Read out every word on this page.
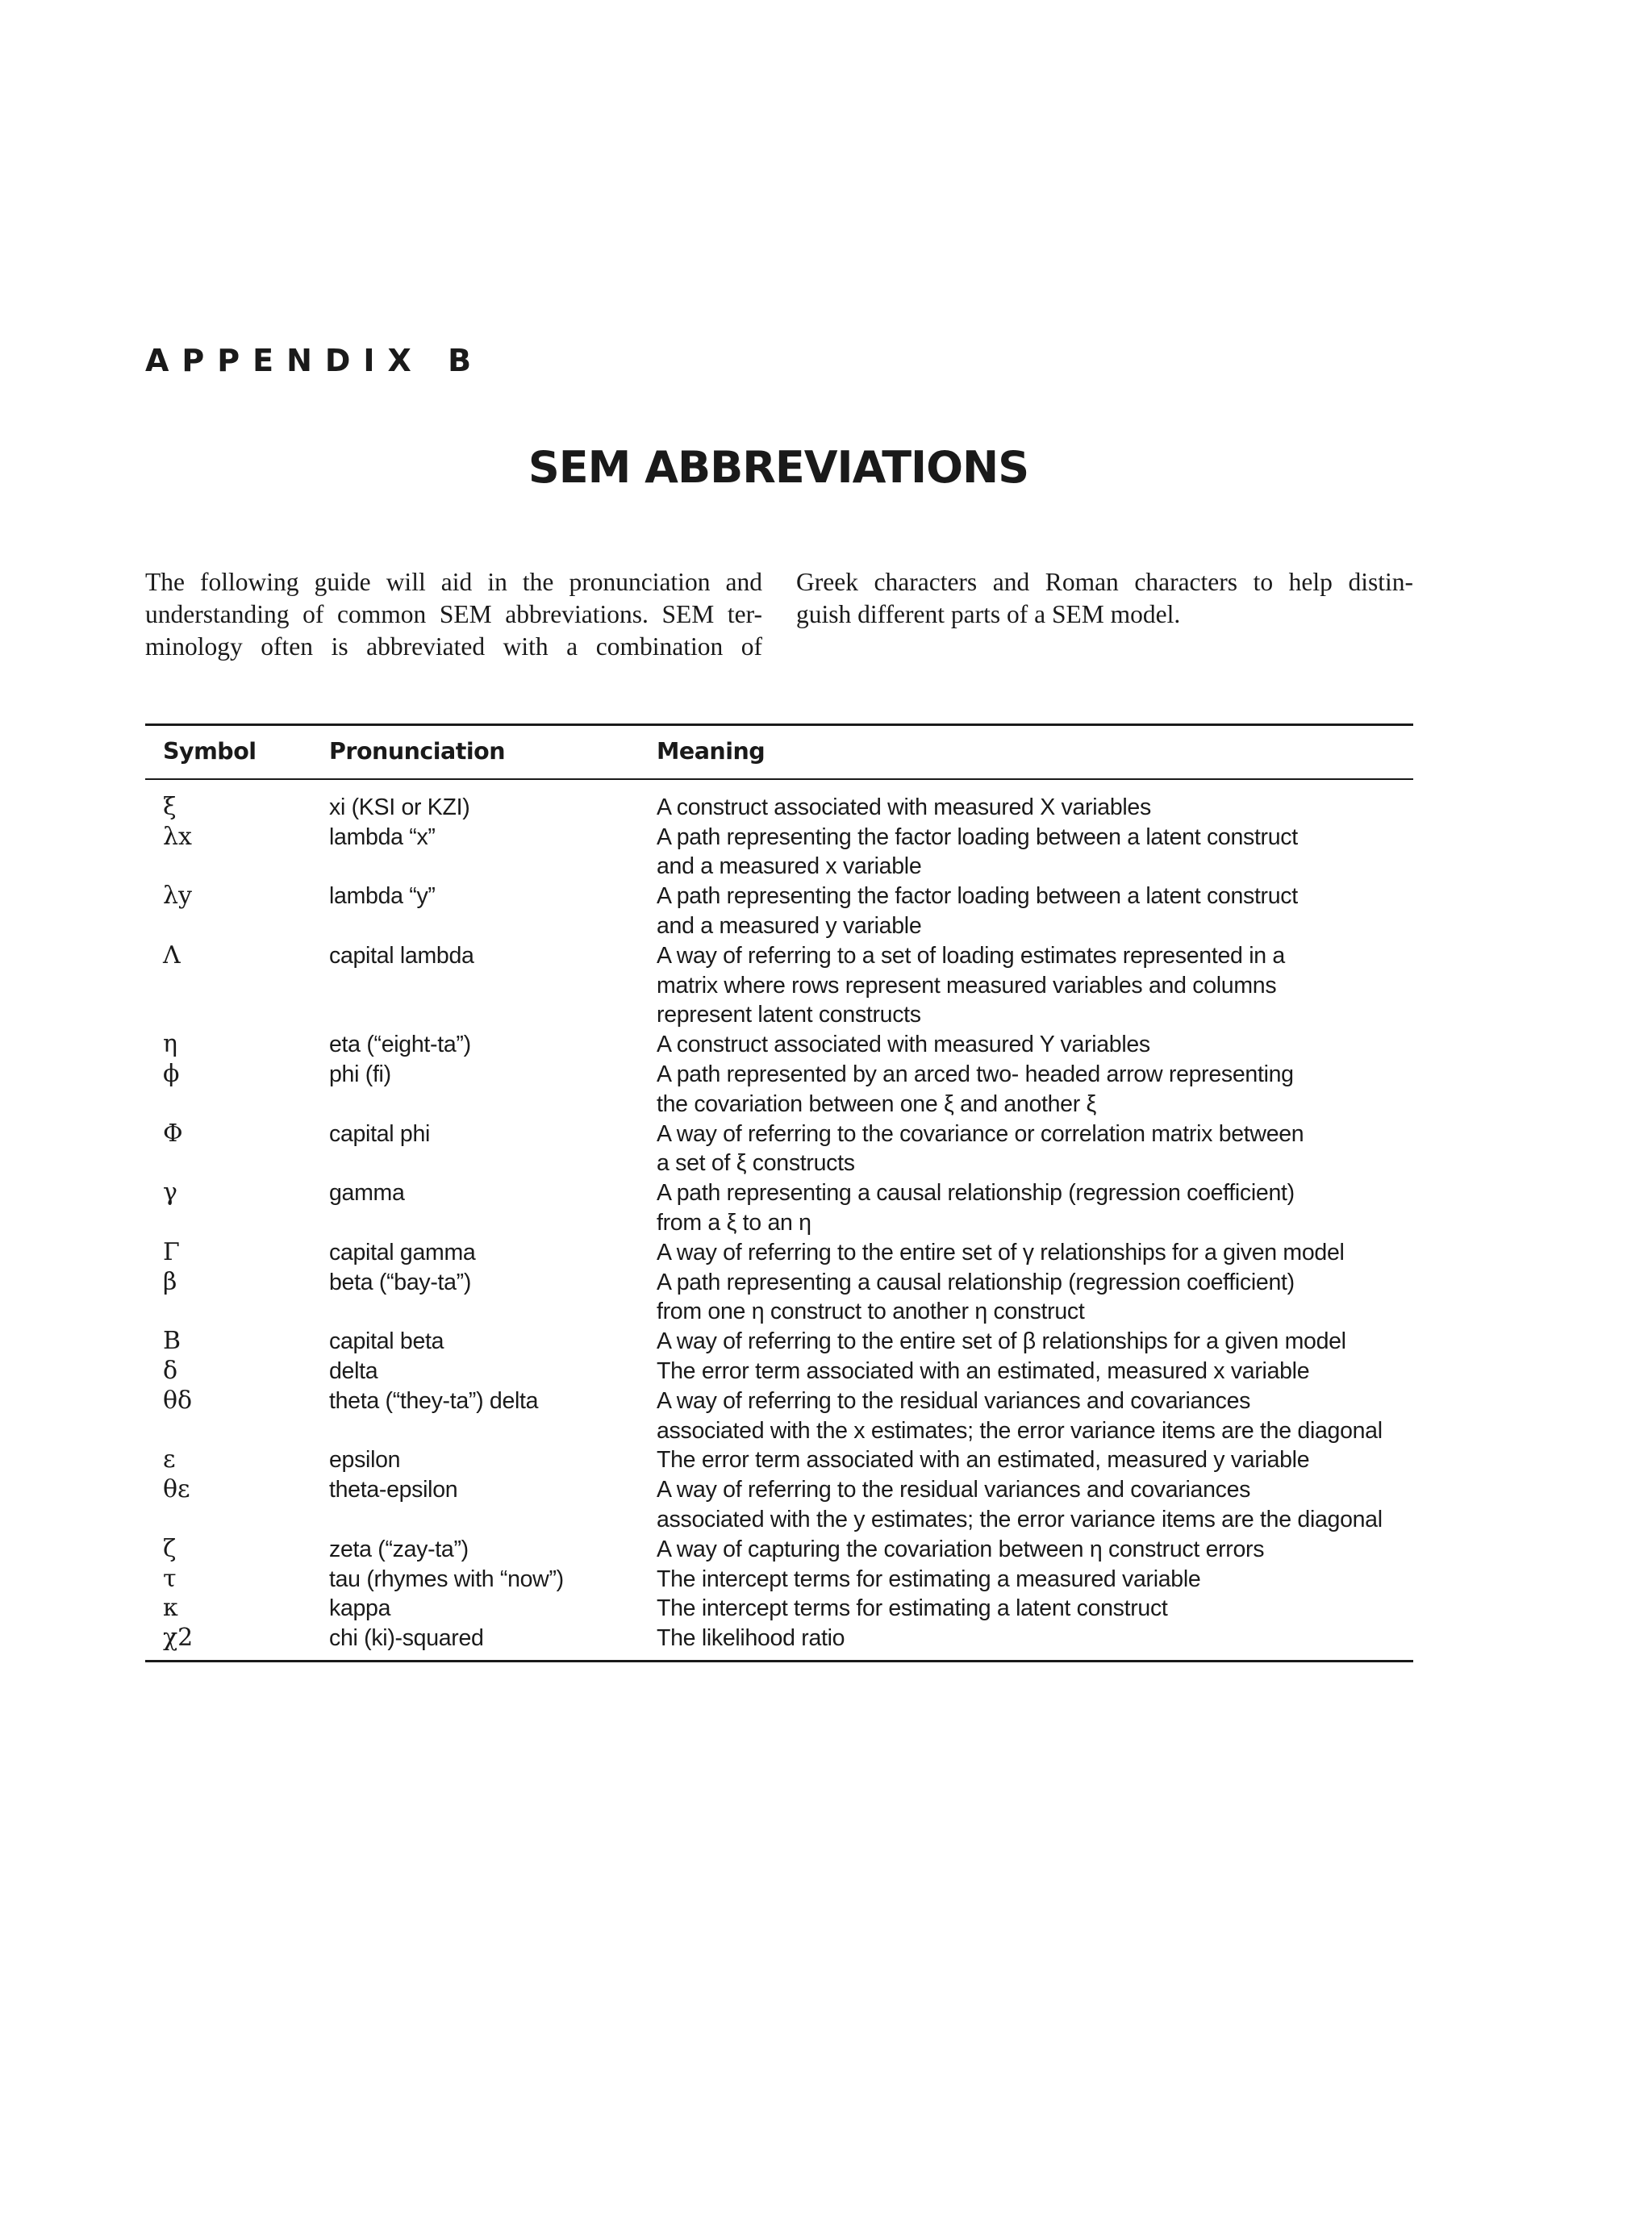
APPENDIX B
SEM ABBREVIATIONS

The following guide will aid in the pronunciation and
understanding of common SEM abbreviations. SEM ter-
minology often is abbreviated with a combination of

Greek characters and Roman characters to help distin-
guish different parts of a SEM model.

Symbol	Pronunciation	Meaning
ξ	xi (KSI or KZI)	A construct associated with measured X variables
λx	lambda “x”	A path representing the factor loading between a latent construct
and a measured x variable
λy	lambda “y”	A path representing the factor loading between a latent construct
and a measured y variable
Λ	capital lambda	A way of referring to a set of loading estimates represented in a
matrix where rows represent measured variables and columns
represent latent constructs
η	eta (“eight-ta”)	A construct associated with measured Y variables
ϕ	phi (fi)	A path represented by an arced two- headed arrow representing
the covariation between one ξ and another ξ
Φ	capital phi	A way of referring to the covariance or correlation matrix between
a set of ξ constructs
γ	gamma	A path representing a causal relationship (regression coefficient)
from a ξ to an η
Γ	capital gamma	A way of referring to the entire set of γ relationships for a given model
β	beta (“bay-ta”)	A path representing a causal relationship (regression coefficient)
from one η construct to another η construct
B	capital beta	A way of referring to the entire set of β relationships for a given model
δ	delta	The error term associated with an estimated, measured x variable
θδ	theta (“they-ta”) delta	A way of referring to the residual variances and covariances
associated with the x estimates; the error variance items are the diagonal
ε	epsilon	The error term associated with an estimated, measured y variable
θε	theta-epsilon	A way of referring to the residual variances and covariances
associated with the y estimates; the error variance items are the diagonal
ζ	zeta (“zay-ta”)	A way of capturing the covariation between η construct errors
τ	tau (rhymes with “now”)	The intercept terms for estimating a measured variable
κ	kappa	The intercept terms for estimating a latent construct
χ2	chi (ki)-squared	The likelihood ratio
